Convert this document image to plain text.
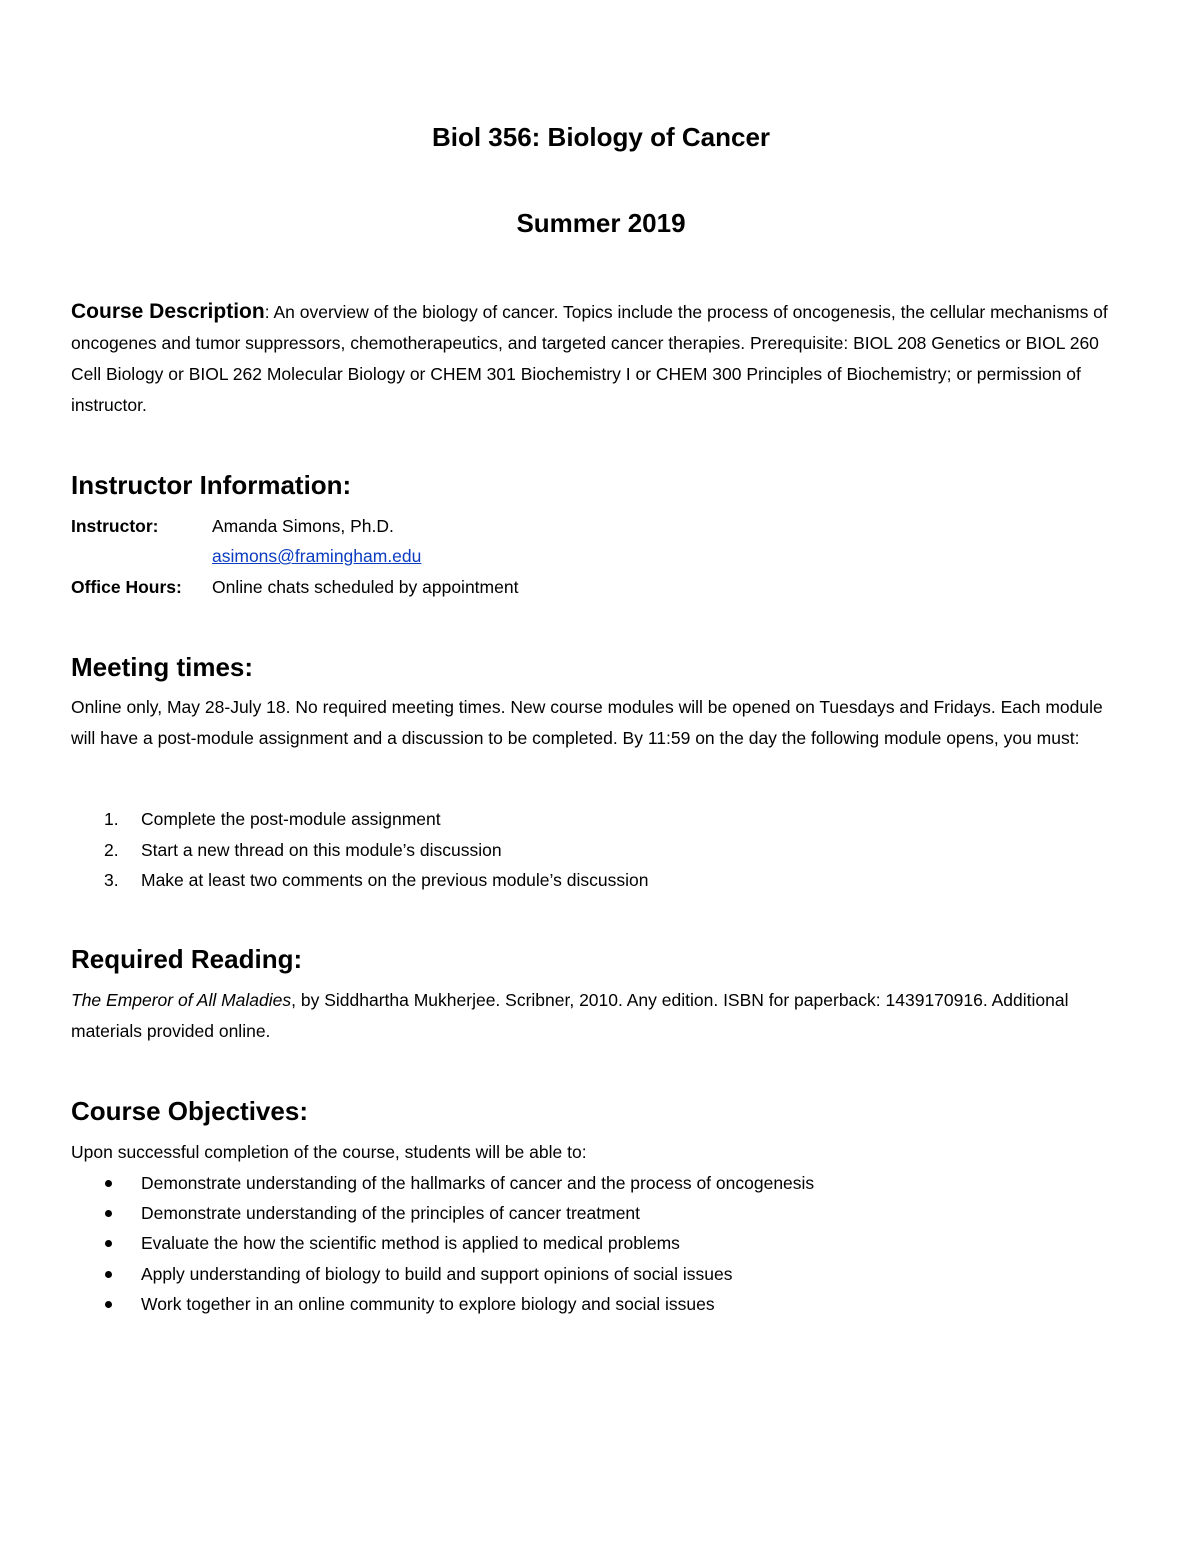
Biol 356: Biology of Cancer
Summer 2019
Course Description: An overview of the biology of cancer. Topics include the process of oncogenesis, the cellular mechanisms of oncogenes and tumor suppressors, chemotherapeutics, and targeted cancer therapies. Prerequisite: BIOL 208 Genetics or BIOL 260 Cell Biology or BIOL 262 Molecular Biology or CHEM 301 Biochemistry I or CHEM 300 Principles of Biochemistry; or permission of instructor.
Instructor Information:
Instructor:	Amanda Simons, Ph.D.
asimons@framingham.edu
Office Hours: Online chats scheduled by appointment
Meeting times:
Online only, May 28-July 18. No required meeting times. New course modules will be opened on Tuesdays and Fridays. Each module will have a post-module assignment and a discussion to be completed. By 11:59 on the day the following module opens, you must:
1. Complete the post-module assignment
2. Start a new thread on this module’s discussion
3. Make at least two comments on the previous module’s discussion
Required Reading:
The Emperor of All Maladies, by Siddhartha Mukherjee. Scribner, 2010. Any edition. ISBN for paperback: 1439170916. Additional materials provided online.
Course Objectives:
Upon successful completion of the course, students will be able to:
Demonstrate understanding of the hallmarks of cancer and the process of oncogenesis
Demonstrate understanding of the principles of cancer treatment
Evaluate the how the scientific method is applied to medical problems
Apply understanding of biology to build and support opinions of social issues
Work together in an online community to explore biology and social issues
